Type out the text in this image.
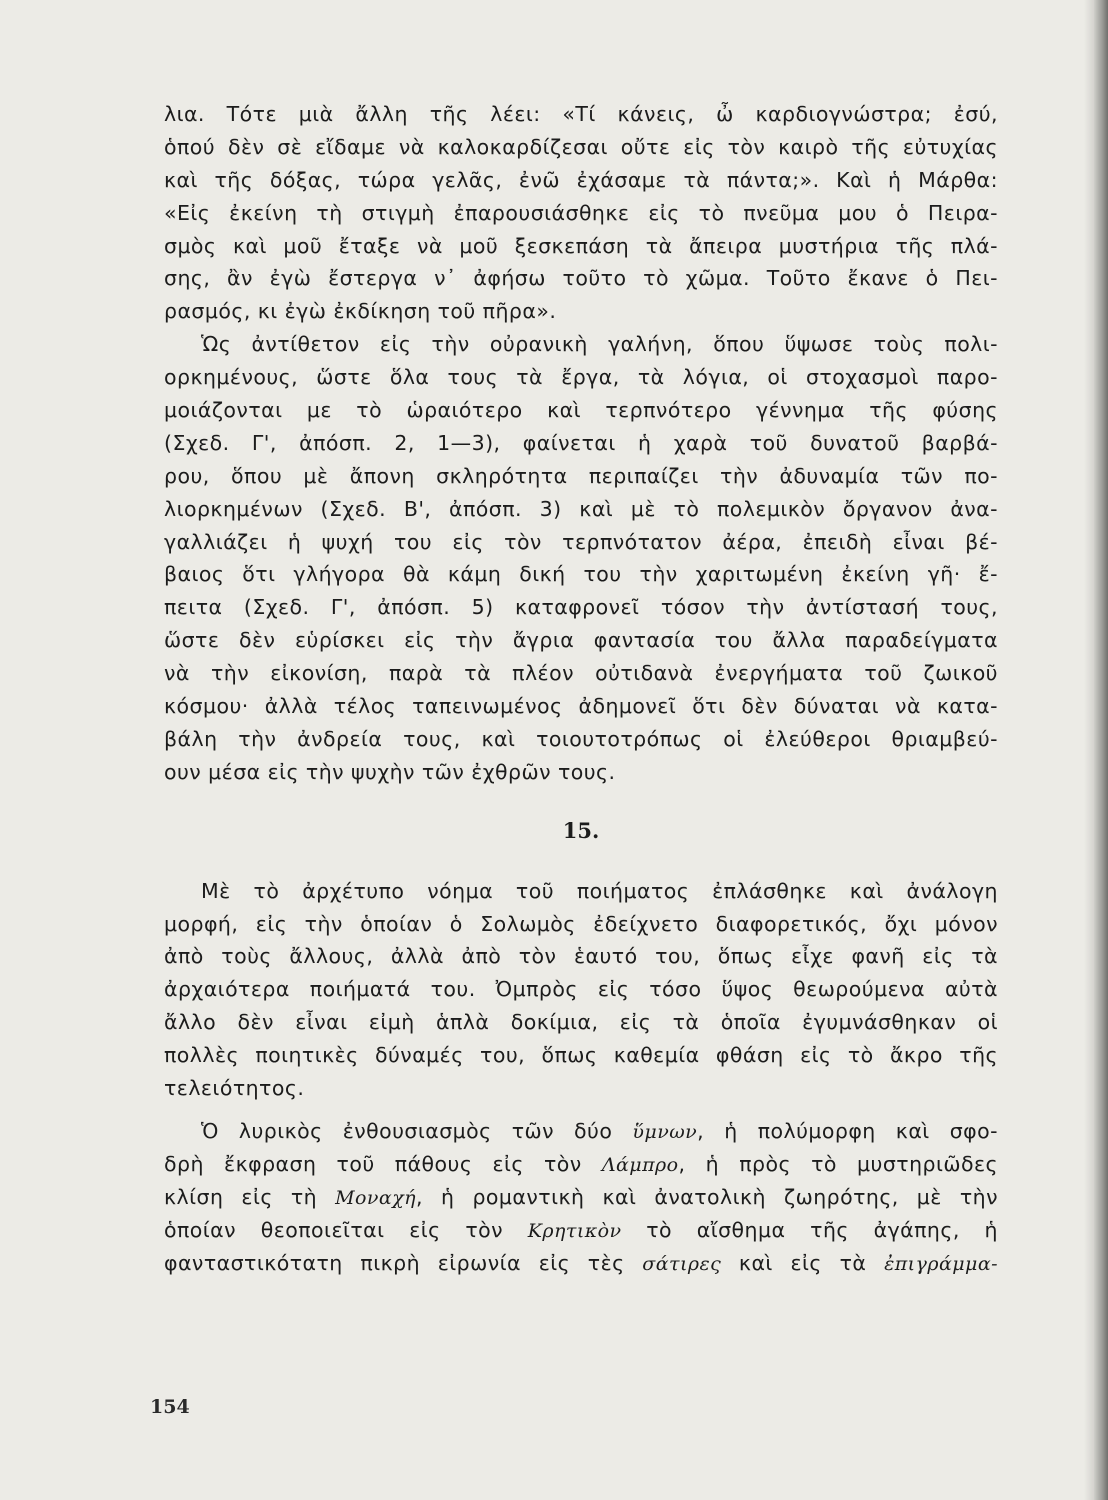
λια. Τότε μιὰ ἄλλη τῆς λέει: «Τί κάνεις, ὦ καρδιογνώστρα; ἐσύ,
ὁπού δὲν σὲ εἴδαμε νὰ καλοκαρδίζεσαι οὔτε εἰς τὸν καιρὸ τῆς εὐτυχίας
καὶ τῆς δόξας, τώρα γελᾶς, ἐνῶ ἐχάσαμε τὰ πάντα;». Καὶ ἡ Μάρθα:
«Εἰς ἐκείνη τὴ στιγμὴ ἐπαρουσιάσθηκε εἰς τὸ πνεῦμα μου ὁ Πειρα-
σμὸς καὶ μοῦ ἔταξε νὰ μοῦ ξεσκεπάση τὰ ἄπειρα μυστήρια τῆς πλά-
σης, ἂν ἐγὼ ἔστεργα ν᾽ ἀφήσω τοῦτο τὸ χῶμα. Τοῦτο ἔκανε ὁ Πει-
ρασμός, κι ἐγὼ ἐκδίκηση τοῦ πῆρα».
Ὡς ἀντίθετον εἰς τὴν οὐρανικὴ γαλήνη, ὅπου ὕψωσε τοὺς πολι-
ορκημένους, ὥστε ὅλα τους τὰ ἔργα, τὰ λόγια, οἱ στοχασμοὶ παρο-
μοιάζονται με τὸ ὡραιότερο καὶ τερπνότερο γέννημα τῆς φύσης
(Σχεδ. Γ', ἀπόσπ. 2, 1—3), φαίνεται ἡ χαρὰ τοῦ δυνατοῦ βαρβά-
ρου, ὅπου μὲ ἄπονη σκληρότητα περιπαίζει τὴν ἀδυναμία τῶν πο-
λιορκημένων (Σχεδ. Β', ἀπόσπ. 3) καὶ μὲ τὸ πολεμικὸν ὄργανον ἀνα-
γαλλιάζει ἡ ψυχή του εἰς τὸν τερπνότατον ἀέρα, ἐπειδὴ εἶναι βέ-
βαιος ὅτι γλήγορα θὰ κάμη δική του τὴν χαριτωμένη ἐκείνη γῆ· ἔ-
πειτα (Σχεδ. Γ', ἀπόσπ. 5) καταφρονεῖ τόσον τὴν ἀντίστασή τους,
ὥστε δὲν εὑρίσκει εἰς τὴν ἄγρια φαντασία του ἄλλα παραδείγματα
νὰ τὴν εἰκονίση, παρὰ τὰ πλέον οὐτιδανὰ ἐνεργήματα τοῦ ζωικοῦ
κόσμου· ἀλλὰ τέλος ταπεινωμένος ἀδημονεῖ ὅτι δὲν δύναται νὰ κατα-
βάλη τὴν ἀνδρεία τους, καὶ τοιουτοτρόπως οἱ ἐλεύθεροι θριαμβεύ-
ουν μέσα εἰς τὴν ψυχὴν τῶν ἐχθρῶν τους.
15.
Μὲ τὸ ἀρχέτυπο νόημα τοῦ ποιήματος ἐπλάσθηκε καὶ ἀνάλογη
μορφή, εἰς τὴν ὁποίαν ὁ Σολωμὸς ἐδείχνετο διαφορετικός, ὄχι μόνον
ἀπὸ τοὺς ἄλλους, ἀλλὰ ἀπὸ τὸν ἑαυτό του, ὅπως εἶχε φανῆ εἰς τὰ
ἀρχαιότερα ποιήματά του. Ὀμπρὸς εἰς τόσο ὕψος θεωρούμενα αὐτὰ
ἄλλο δὲν εἶναι εἰμὴ ἁπλὰ δοκίμια, εἰς τὰ ὁποῖα ἐγυμνάσθηκαν οἱ
πολλὲς ποιητικὲς δύναμές του, ὅπως καθεμία φθάση εἰς τὸ ἄκρο τῆς
τελειότητος.
Ὁ λυρικὸς ἐνθουσιασμὸς τῶν δύο ὕμνων, ἡ πολύμορφη καὶ σφο-
δρὴ ἔκφραση τοῦ πάθους εἰς τὸν Λάμπρο, ἡ πρὸς τὸ μυστηριῶδες
κλίση εἰς τὴ Μοναχή, ἡ ρομαντικὴ καὶ ἀνατολικὴ ζωηρότης, μὲ τὴν
ὁποίαν θεοποιεῖται εἰς τὸν Κρητικὸν τὸ αἴσθημα τῆς ἀγάπης, ἡ
φανταστικότατη πικρὴ εἰρωνία εἰς τὲς σάτιρες καὶ εἰς τὰ ἐπιγράμμα-
154
